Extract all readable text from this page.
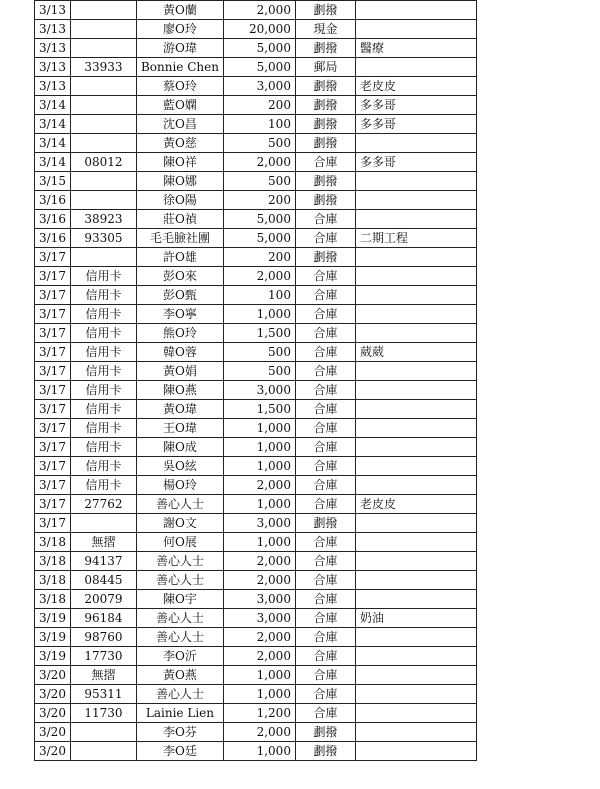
3/13		黃O蘭	2,000	劃撥	
3/13		廖O玲	20,000	現金	
3/13		游O瑋	5,000	劃撥	醫療
3/13	33933	Bonnie Chen	5,000	郵局	
3/13		蔡O玲	3,000	劃撥	老皮皮
3/14		藍O嫻	200	劃撥	多多哥
3/14		沈O昌	100	劃撥	多多哥
3/14		黃O慈	500	劃撥	
3/14	08012	陳O祥	2,000	合庫	多多哥
3/15		陳O娜	500	劃撥	
3/16		徐O陽	200	劃撥	
3/16	38923	莊O禎	5,000	合庫	
3/16	93305	毛毛臉社團	5,000	合庫	二期工程
3/17		許O雄	200	劃撥	
3/17	信用卡	彭O來	2,000	合庫	
3/17	信用卡	彭O甄	100	合庫	
3/17	信用卡	李O寧	1,000	合庫	
3/17	信用卡	熊O玲	1,500	合庫	
3/17	信用卡	韓O蓉	500	合庫	葳葳
3/17	信用卡	黃O娟	500	合庫	
3/17	信用卡	陳O燕	3,000	合庫	
3/17	信用卡	黃O瑋	1,500	合庫	
3/17	信用卡	王O瑋	1,000	合庫	
3/17	信用卡	陳O成	1,000	合庫	
3/17	信用卡	吳O絃	1,000	合庫	
3/17	信用卡	楊O玲	2,000	合庫	
3/17	27762	善心人士	1,000	合庫	老皮皮
3/17		謝O文	3,000	劃撥	
3/18	無摺	何O展	1,000	合庫	
3/18	94137	善心人士	2,000	合庫	
3/18	08445	善心人士	2,000	合庫	
3/18	20079	陳O宇	3,000	合庫	
3/19	96184	善心人士	3,000	合庫	奶油
3/19	98760	善心人士	2,000	合庫	
3/19	17730	李O沂	2,000	合庫	
3/20	無摺	黃O燕	1,000	合庫	
3/20	95311	善心人士	1,000	合庫	
3/20	11730	Lainie Lien	1,200	合庫	
3/20		李O芬	2,000	劃撥	
3/20		李O廷	1,000	劃撥	
